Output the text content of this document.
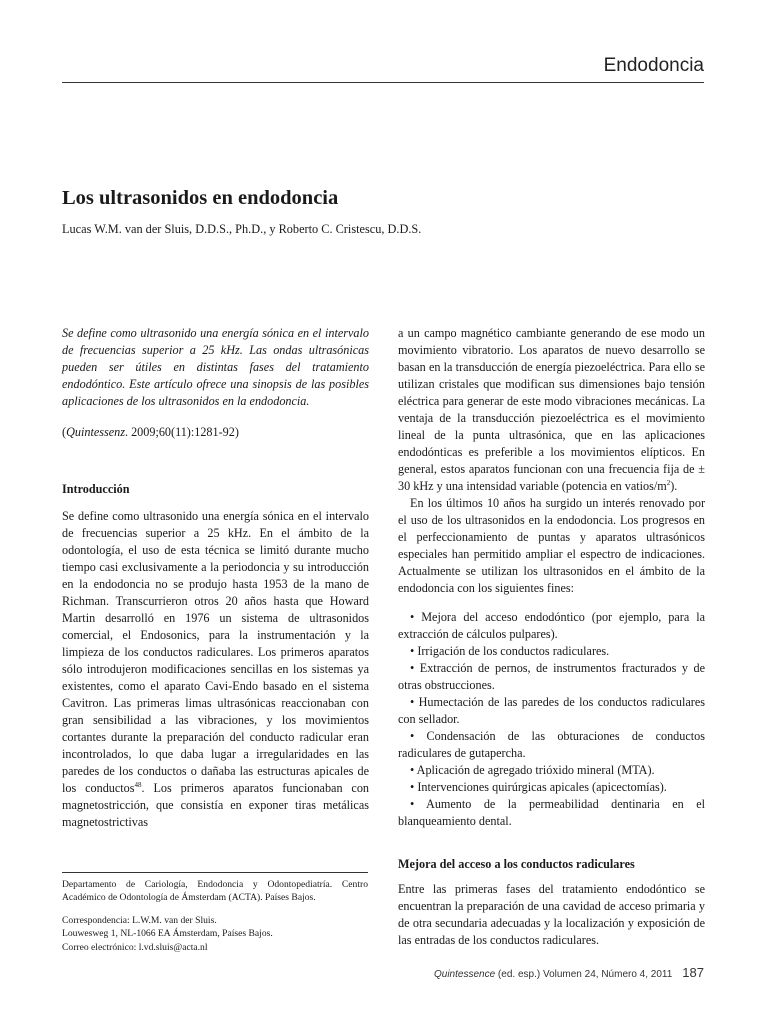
Endodoncia
Los ultrasonidos en endodoncia
Lucas W.M. van der Sluis, D.D.S., Ph.D., y Roberto C. Cristescu, D.D.S.

Se define como ultrasonido una energía sónica en el intervalo de frecuencias superior a 25 kHz. Las ondas ultrasónicas pueden ser útiles en distintas fases del tratamiento endodóntico. Este artículo ofrece una sinopsis de las posibles aplicaciones de los ultrasonidos en la endodoncia.

(Quintessenz. 2009;60(11):1281-92)

Introducción

Se define como ultrasonido una energía sónica en el intervalo de frecuencias superior a 25 kHz. En el ámbito de la odontología, el uso de esta técnica se limitó durante mucho tiempo casi exclusivamente a la periodoncia y su introducción en la endodoncia no se produjo hasta 1953 de la mano de Richman. Transcurrieron otros 20 años hasta que Howard Martin desarrolló en 1976 un sistema de ultrasonidos comercial, el Endosonics, para la instrumentación y la limpieza de los conductos radiculares. Los primeros aparatos sólo introdujeron modificaciones sencillas en los sistemas ya existentes, como el aparato Cavi-Endo basado en el sistema Cavitron. Las primeras limas ultrasónicas reaccionaban con gran sensibilidad a las vibraciones, y los movimientos cortantes durante la preparación del conducto radicular eran incontrolados, lo que daba lugar a irregularidades en las paredes de los conductos o dañaba las estructuras apicales de los conductos$^{48}$. Los primeros aparatos funcionaban con magnetostricción, que consistía en exponer tiras metálicas magnetostrictivas

a un campo magnético cambiante generando de ese modo un movimiento vibratorio. Los aparatos de nuevo desarrollo se basan en la transducción de energía piezoeléctrica. Para ello se utilizan cristales que modifican sus dimensiones bajo tensión eléctrica para generar de este modo vibraciones mecánicas. La ventaja de la transducción piezoeléctrica es el movimiento lineal de la punta ultrasónica, que en las aplicaciones endodónticas es preferible a los movimientos elípticos. En general, estos aparatos funcionan con una frecuencia fija de ± 30 kHz y una intensidad variable (potencia en vatios/$m^2$).

En los últimos 10 años ha surgido un interés renovado por el uso de los ultrasonidos en la endodoncia. Los progresos en el perfeccionamiento de puntas y aparatos ultrasónicos especiales han permitido ampliar el espectro de indicaciones. Actualmente se utilizan los ultrasonidos en el ámbito de la endodoncia con los siguientes fines:

• Mejora del acceso endodóntico (por ejemplo, para la extracción de cálculos pulpares).
• Irrigación de los conductos radiculares.
• Extracción de pernos, de instrumentos fracturados y de otras obstrucciones.
• Humectación de las paredes de los conductos radiculares con sellador.
• Condensación de las obturaciones de conductos radiculares de gutapercha.
• Aplicación de agregado trióxido mineral (MTA).
• Intervenciones quirúrgicas apicales (apicectomías).
• Aumento de la permeabilidad dentinaria en el blanqueamiento dental.

Mejora del acceso a los conductos radiculares

Entre las primeras fases del tratamiento endodóntico se encuentran la preparación de una cavidad de acceso primaria y de otra secundaria adecuadas y la localización y exposición de las entradas de los conductos radiculares.

Departamento de Cariología, Endodoncia y Odontopediatría. Centro Académico de Odontología de Ámsterdam (ACTA). Países Bajos.

Correspondencia: L.W.M. van der Sluis.

Louwesweg 1, NL-1066 EA Ámsterdam, Países Bajos.

Correo electrónico: l.vd.sluis@acta.nl

Quintessence (ed. esp.) Volumen 24, Número 4, 2011 187
